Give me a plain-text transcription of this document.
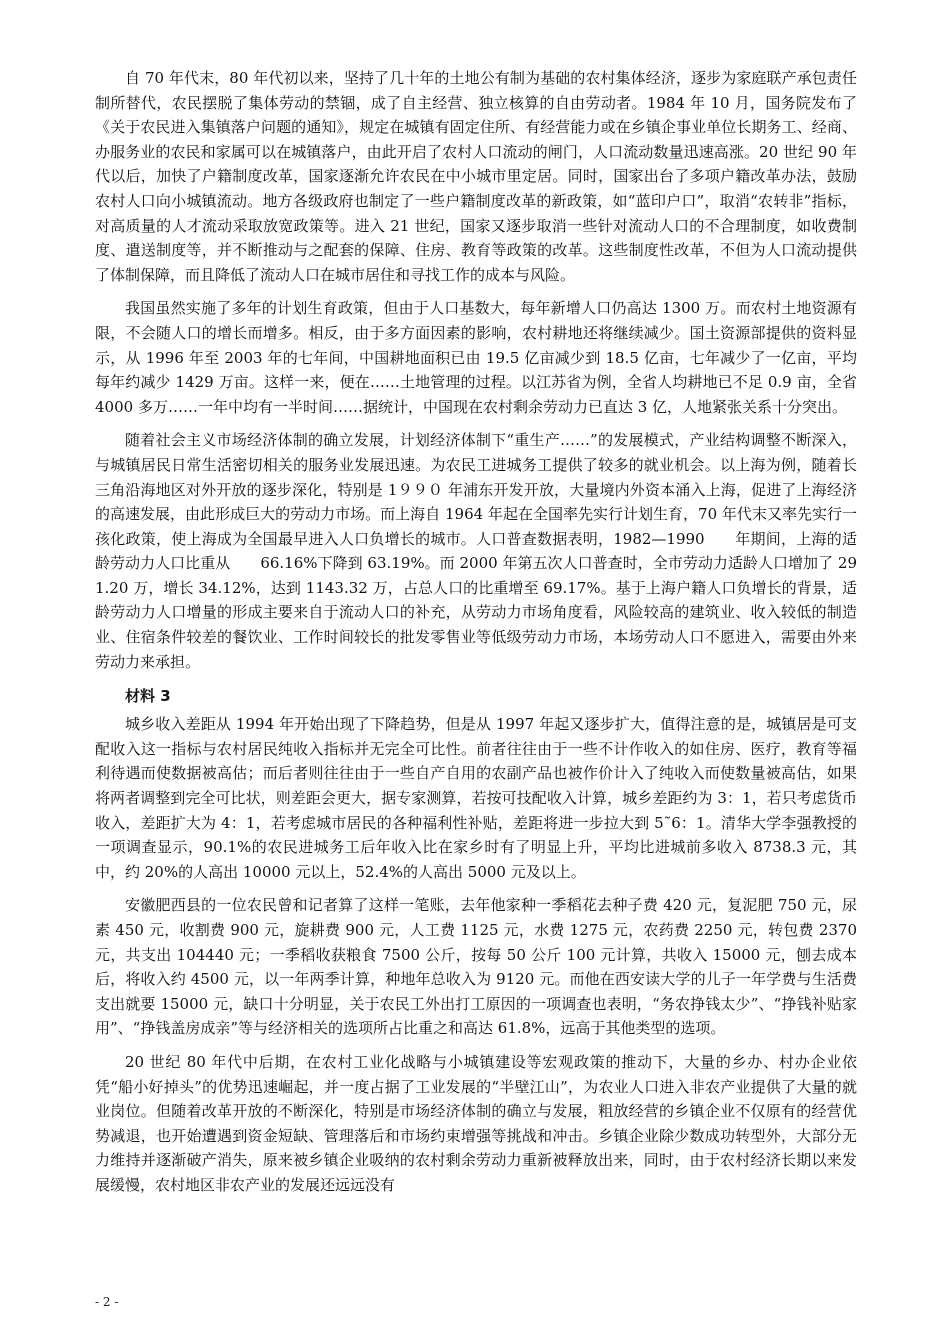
自 70 年代末，80 年代初以来，坚持了几十年的土地公有制为基础的农村集体经济，逐步为家庭联产承包责任制所替代，农民摆脱了集体劳动的禁锢，成了自主经营、独立核算的自由劳动者。1984 年 10 月，国务院发布了《关于农民进入集镇落户问题的通知》，规定在城镇有固定住所、有经营能力或在乡镇企事业单位长期务工、经商、办服务业的农民和家属可以在城镇落户，由此开启了农村人口流动的闸门，人口流动数量迅速高涨。20 世纪 90 年代以后，加快了户籍制度改革，国家逐渐允许农民在中小城市里定居。同时，国家出台了多项户籍改革办法，鼓励农村人口向小城镇流动。地方各级政府也制定了一些户籍制度改革的新政策，如“蓝印户口”，取消“农转非”指标，对高质量的人才流动采取放宽政策等。进入 21 世纪，国家又逐步取消一些针对流动人口的不合理制度，如收费制度、遣送制度等，并不断推动与之配套的保障、住房、教育等政策的改革。这些制度性改革，不但为人口流动提供了体制保障，而且降低了流动人口在城市居住和寻找工作的成本与风险。

我国虽然实施了多年的计划生育政策，但由于人口基数大，每年新增人口仍高达 1300 万。而农村土地资源有限，不会随人口的增长而增多。相反，由于多方面因素的影响，农村耕地还将继续减少。国土资源部提供的资料显示，从 1996 年至 2003 年的七年间，中国耕地面积已由 19.5 亿亩减少到 18.5 亿亩，七年减少了一亿亩，平均每年约减少 1429 万亩。这样一来，便在……土地管理的过程。以江苏省为例，全省人均耕地已不足 0.9 亩，全省 4000 多万……一年中均有一半时间……据统计，中国现在农村剩余劳动力已直达 3 亿，人地紧张关系十分突出。

随着社会主义市场经济体制的确立发展，计划经济体制下“重生产……”的发展模式，产业结构调整不断深入，与城镇居民日常生活密切相关的服务业发展迅速。为农民工进城务工提供了较多的就业机会。以上海为例，随着长三角沿海地区对外开放的逐步深化，特别是 1９９０ 年浦东开发开放，大量境内外资本涌入上海，促进了上海经济的高速发展，由此形成巨大的劳动力市场。而上海自 1964 年起在全国率先实行计划生育，70 年代末又率先实行一孩化政策，使上海成为全国最早进入人口负增长的城市。人口普查数据表明，1982—1990　　年期间，上海的适龄劳动力人口比重从　　66.16%下降到 63.19%。而 2000 年第五次人口普查时，全市劳动力适龄人口增加了 291.20 万，增长 34.12%，达到 1143.32 万，占总人口的比重增至 69.17%。基于上海户籍人口负增长的背景，适龄劳动力人口增量的形成主要来自于流动人口的补充，从劳动力市场角度看，风险较高的建筑业、收入较低的制造业、住宿条件较差的餐饮业、工作时间较长的批发零售业等低级劳动力市场，本场劳动人口不愿进入，需要由外来劳动力来承担。

材料 3

城乡收入差距从 1994 年开始出现了下降趋势，但是从 1997 年起又逐步扩大，值得注意的是，城镇居是可支配收入这一指标与农村居民纯收入指标并无完全可比性。前者往往由于一些不计作收入的如住房、医疗，教育等福利待遇而使数据被高估；而后者则往往由于一些自产自用的农副产品也被作价计入了纯收入而使数量被高估，如果将两者调整到完全可比状，则差距会更大，据专家测算，若按可技配收入计算，城乡差距约为 3：1，若只考虑货币收入，差距扩大为 4：1，若考虑城市居民的各种福利性补贴，差距将进一步拉大到 5˜6：1。清华大学李强教授的一项调查显示，90.1%的农民进城务工后年收入比在家乡时有了明显上升，平均比进城前多收入 8738.3 元，其中，约 20%的人高出 10000 元以上，52.4%的人高出 5000 元及以上。

安徽肥西县的一位农民曾和记者算了这样一笔账，去年他家种一季稻花去种子费 420 元，复泥肥 750 元，尿素 450 元，收割费 900 元，旋耕费 900 元，人工费 1125 元，水费 1275 元，农药费 2250 元，转包费 2370 元，共支出 104440 元；一季稻收获粮食 7500 公斤，按每 50 公斤 100 元计算，共收入 15000 元，刨去成本后，将收入约 4500 元，以一年两季计算，种地年总收入为 9120 元。而他在西安读大学的儿子一年学费与生活费支出就要 15000 元，缺口十分明显，关于农民工外出打工原因的一项调查也表明，“务农挣钱太少”、“挣钱补贴家用”、“挣钱盖房成亲”等与经济相关的选项所占比重之和高达 61.8%，远高于其他类型的选项。

20 世纪 80 年代中后期，在农村工业化战略与小城镇建设等宏观政策的推动下，大量的乡办、村办企业依凭“船小好掉头”的优势迅速崛起，并一度占据了工业发展的“半壁江山”，为农业人口进入非农产业提供了大量的就业岗位。但随着改革开放的不断深化，特别是市场经济体制的确立与发展，粗放经营的乡镇企业不仅原有的经营优势减退，也开始遭遇到资金短缺、管理落后和市场约束增强等挑战和冲击。乡镇企业除少数成功转型外，大部分无力维持并逐渐破产消失，原来被乡镇企业吸纳的农村剩余劳动力重新被释放出来，同时，由于农村经济长期以来发展缓慢，农村地区非农产业的发展还远远没有

- 2 -
